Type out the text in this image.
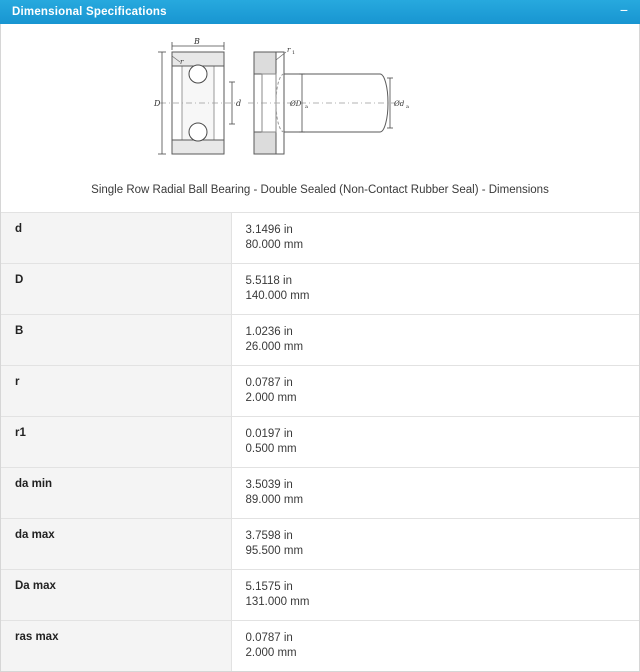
Dimensional Specifications	−
B
D	d
r
r 1
ØD a	Ød a
Single Row Radial Ball Bearing - Double Sealed (Non-Contact Rubber Seal) - Dimensions
d	3.1496 in
80.000 mm

D	5.5118 in
140.000 mm

B	1.0236 in
26.000 mm

r	0.0787 in
2.000 mm

r1	0.0197 in
0.500 mm

da min	3.5039 in
89.000 mm

da max	3.7598 in
95.500 mm

Da max	5.1575 in
131.000 mm

ras max	0.0787 in
2.000 mm
